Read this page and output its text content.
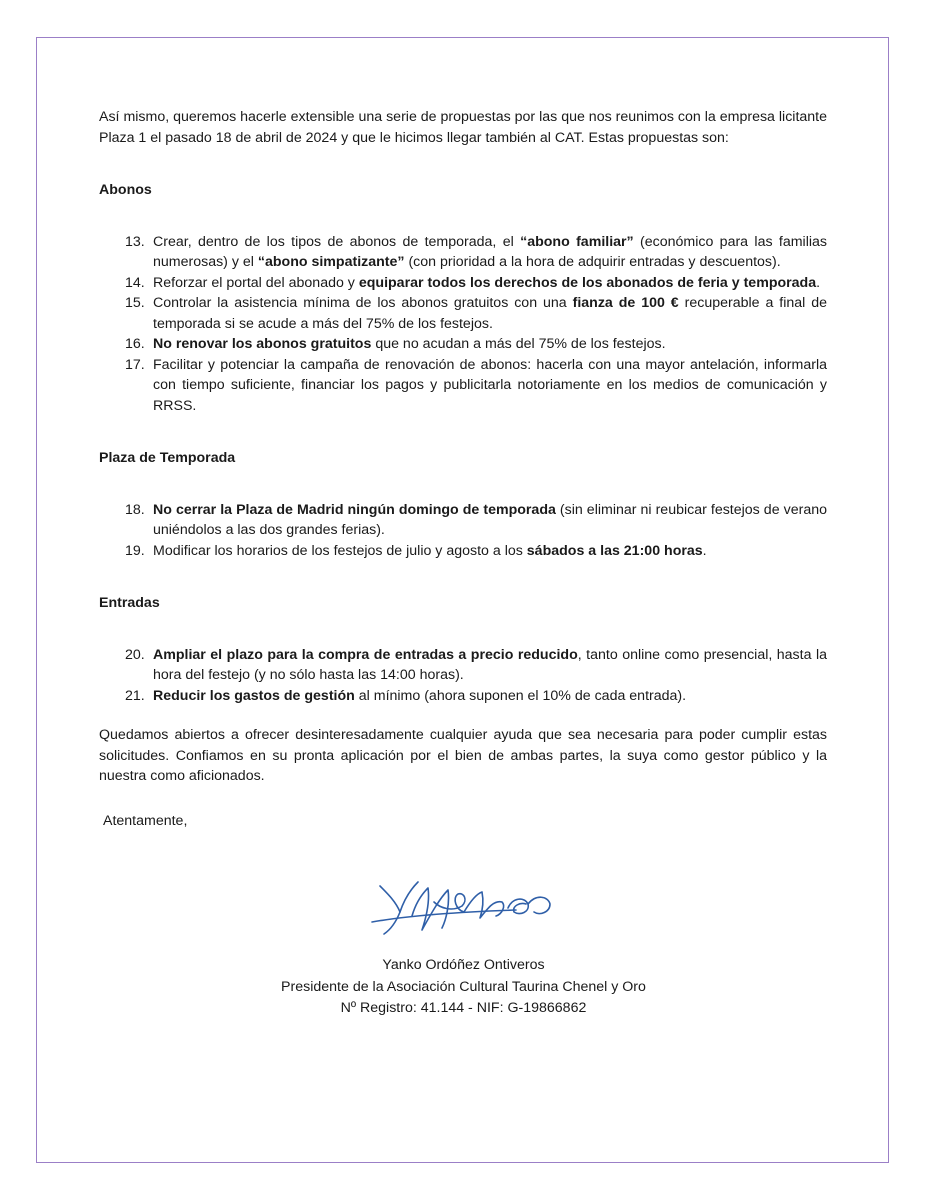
Así mismo, queremos hacerle extensible una serie de propuestas por las que nos reunimos con la empresa licitante Plaza 1 el pasado 18 de abril de 2024 y que le hicimos llegar también al CAT. Estas propuestas son:

Abonos
13. Crear, dentro de los tipos de abonos de temporada, el “abono familiar” (económico para las familias numerosas) y el “abono simpatizante” (con prioridad a la hora de adquirir entradas y descuentos).
14. Reforzar el portal del abonado y equiparar todos los derechos de los abonados de feria y temporada.
15. Controlar la asistencia mínima de los abonos gratuitos con una fianza de 100 € recuperable a final de temporada si se acude a más del 75% de los festejos.
16. No renovar los abonos gratuitos que no acudan a más del 75% de los festejos.
17. Facilitar y potenciar la campaña de renovación de abonos: hacerla con una mayor antelación, informarla con tiempo suficiente, financiar los pagos y publicitarla notoriamente en los medios de comunicación y RRSS.
Plaza de Temporada
18. No cerrar la Plaza de Madrid ningún domingo de temporada (sin eliminar ni reubicar festejos de verano uniéndolos a las dos grandes ferias).
19. Modificar los horarios de los festejos de julio y agosto a los sábados a las 21:00 horas.
Entradas
20. Ampliar el plazo para la compra de entradas a precio reducido, tanto online como presencial, hasta la hora del festejo (y no sólo hasta las 14:00 horas).
21. Reducir los gastos de gestión al mínimo (ahora suponen el 10% de cada entrada).

Quedamos abiertos a ofrecer desinteresadamente cualquier ayuda que sea necesaria para poder cumplir estas solicitudes. Confiamos en su pronta aplicación por el bien de ambas partes, la suya como gestor público y la nuestra como aficionados.

Atentamente,
Yanko Ordóñez Ontiveros
Presidente de la Asociación Cultural Taurina Chenel y Oro
Nº Registro: 41.144 - NIF: G-19866862
